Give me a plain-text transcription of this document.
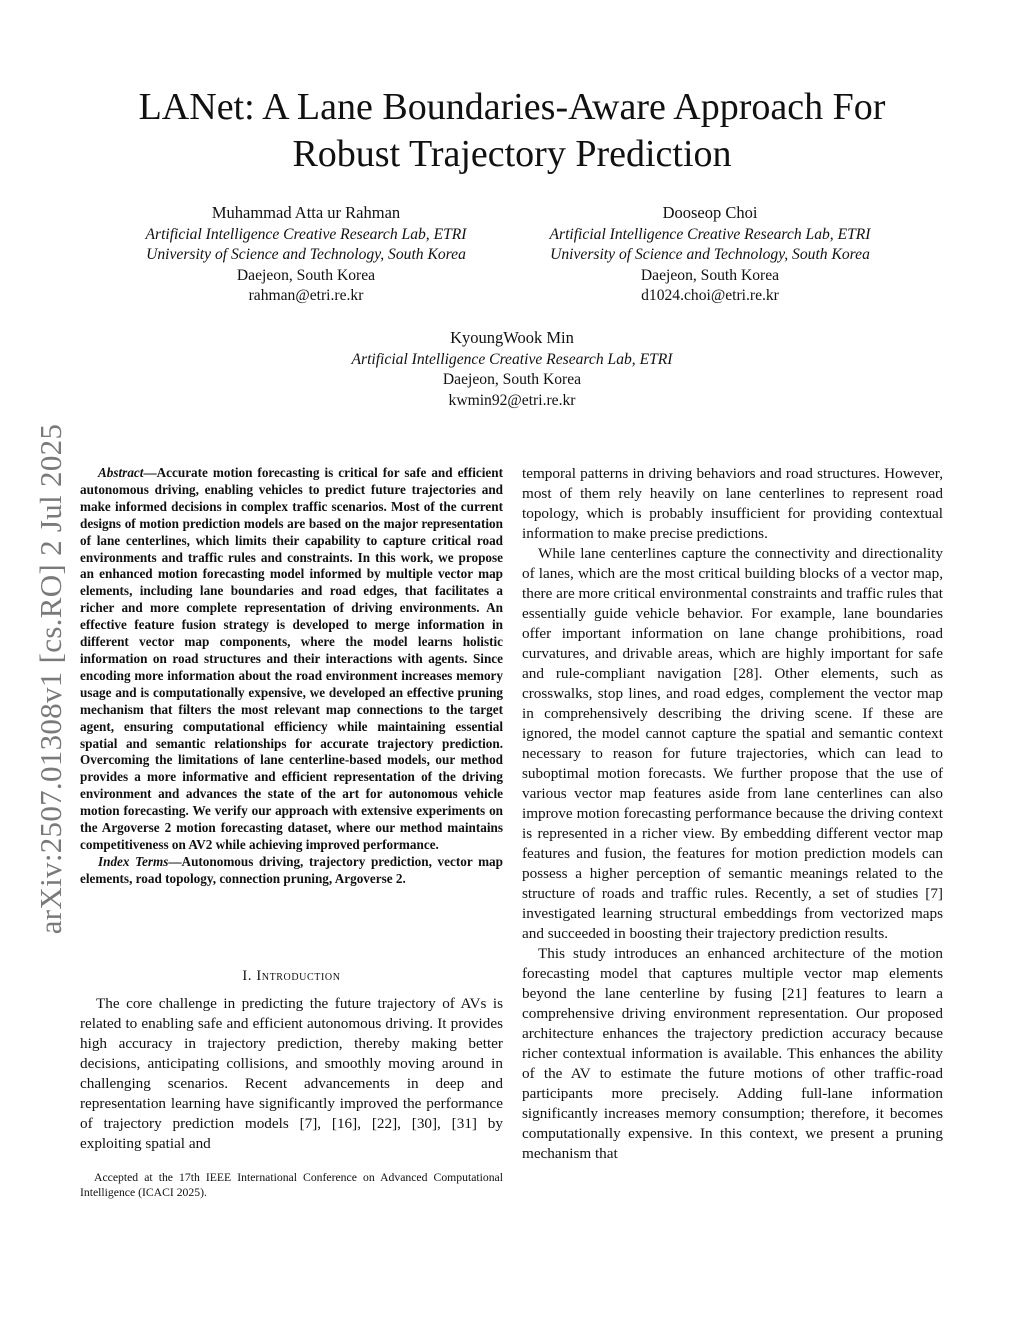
arXiv:2507.01308v1 [cs.RO] 2 Jul 2025
LANet: A Lane Boundaries-Aware Approach For
Robust Trajectory Prediction
Muhammad Atta ur Rahman
Artificial Intelligence Creative Research Lab, ETRI
University of Science and Technology, South Korea
Daejeon, South Korea
rahman@etri.re.kr
Dooseop Choi
Artificial Intelligence Creative Research Lab, ETRI
University of Science and Technology, South Korea
Daejeon, South Korea
d1024.choi@etri.re.kr
KyoungWook Min
Artificial Intelligence Creative Research Lab, ETRI
Daejeon, South Korea
kwmin92@etri.re.kr

Abstract—Accurate motion forecasting is critical for safe and efficient autonomous driving, enabling vehicles to predict future trajectories and make informed decisions in complex traffic scenarios. Most of the current designs of motion prediction models are based on the major representation of lane centerlines, which limits their capability to capture critical road environments and traffic rules and constraints. In this work, we propose an enhanced motion forecasting model informed by multiple vector map elements, including lane boundaries and road edges, that facilitates a richer and more complete representation of driving environments. An effective feature fusion strategy is developed to merge information in different vector map components, where the model learns holistic information on road structures and their interactions with agents. Since encoding more information about the road environment increases memory usage and is computationally expensive, we developed an effective pruning mechanism that filters the most relevant map connections to the target agent, ensuring computational efficiency while maintaining essential spatial and semantic relationships for accurate trajectory prediction. Overcoming the limitations of lane centerline-based models, our method provides a more informative and efficient representation of the driving environment and advances the state of the art for autonomous vehicle motion forecasting. We verify our approach with extensive experiments on the Argoverse 2 motion forecasting dataset, where our method maintains competitiveness on AV2 while achieving improved performance.

Index Terms—Autonomous driving, trajectory prediction, vector map elements, road topology, connection pruning, Argoverse 2.

I. Introduction

The core challenge in predicting the future trajectory of AVs is related to enabling safe and efficient autonomous driving. It provides high accuracy in trajectory prediction, thereby making better decisions, anticipating collisions, and smoothly moving around in challenging scenarios. Recent advancements in deep and representation learning have significantly improved the performance of trajectory prediction models [7], [16], [22], [30], [31] by exploiting spatial and

Accepted at the 17th IEEE International Conference on Advanced Computational Intelligence (ICACI 2025).

temporal patterns in driving behaviors and road structures. However, most of them rely heavily on lane centerlines to represent road topology, which is probably insufficient for providing contextual information to make precise predictions.

While lane centerlines capture the connectivity and directionality of lanes, which are the most critical building blocks of a vector map, there are more critical environmental constraints and traffic rules that essentially guide vehicle behavior. For example, lane boundaries offer important information on lane change prohibitions, road curvatures, and drivable areas, which are highly important for safe and rule-compliant navigation [28]. Other elements, such as crosswalks, stop lines, and road edges, complement the vector map in comprehensively describing the driving scene. If these are ignored, the model cannot capture the spatial and semantic context necessary to reason for future trajectories, which can lead to suboptimal motion forecasts. We further propose that the use of various vector map features aside from lane centerlines can also improve motion forecasting performance because the driving context is represented in a richer view. By embedding different vector map features and fusion, the features for motion prediction models can possess a higher perception of semantic meanings related to the structure of roads and traffic rules. Recently, a set of studies [7] investigated learning structural embeddings from vectorized maps and succeeded in boosting their trajectory prediction results.

This study introduces an enhanced architecture of the motion forecasting model that captures multiple vector map elements beyond the lane centerline by fusing [21] features to learn a comprehensive driving environment representation. Our proposed architecture enhances the trajectory prediction accuracy because richer contextual information is available. This enhances the ability of the AV to estimate the future motions of other traffic-road participants more precisely. Adding full-lane information significantly increases memory consumption; therefore, it becomes computationally expensive. In this context, we present a pruning mechanism that
